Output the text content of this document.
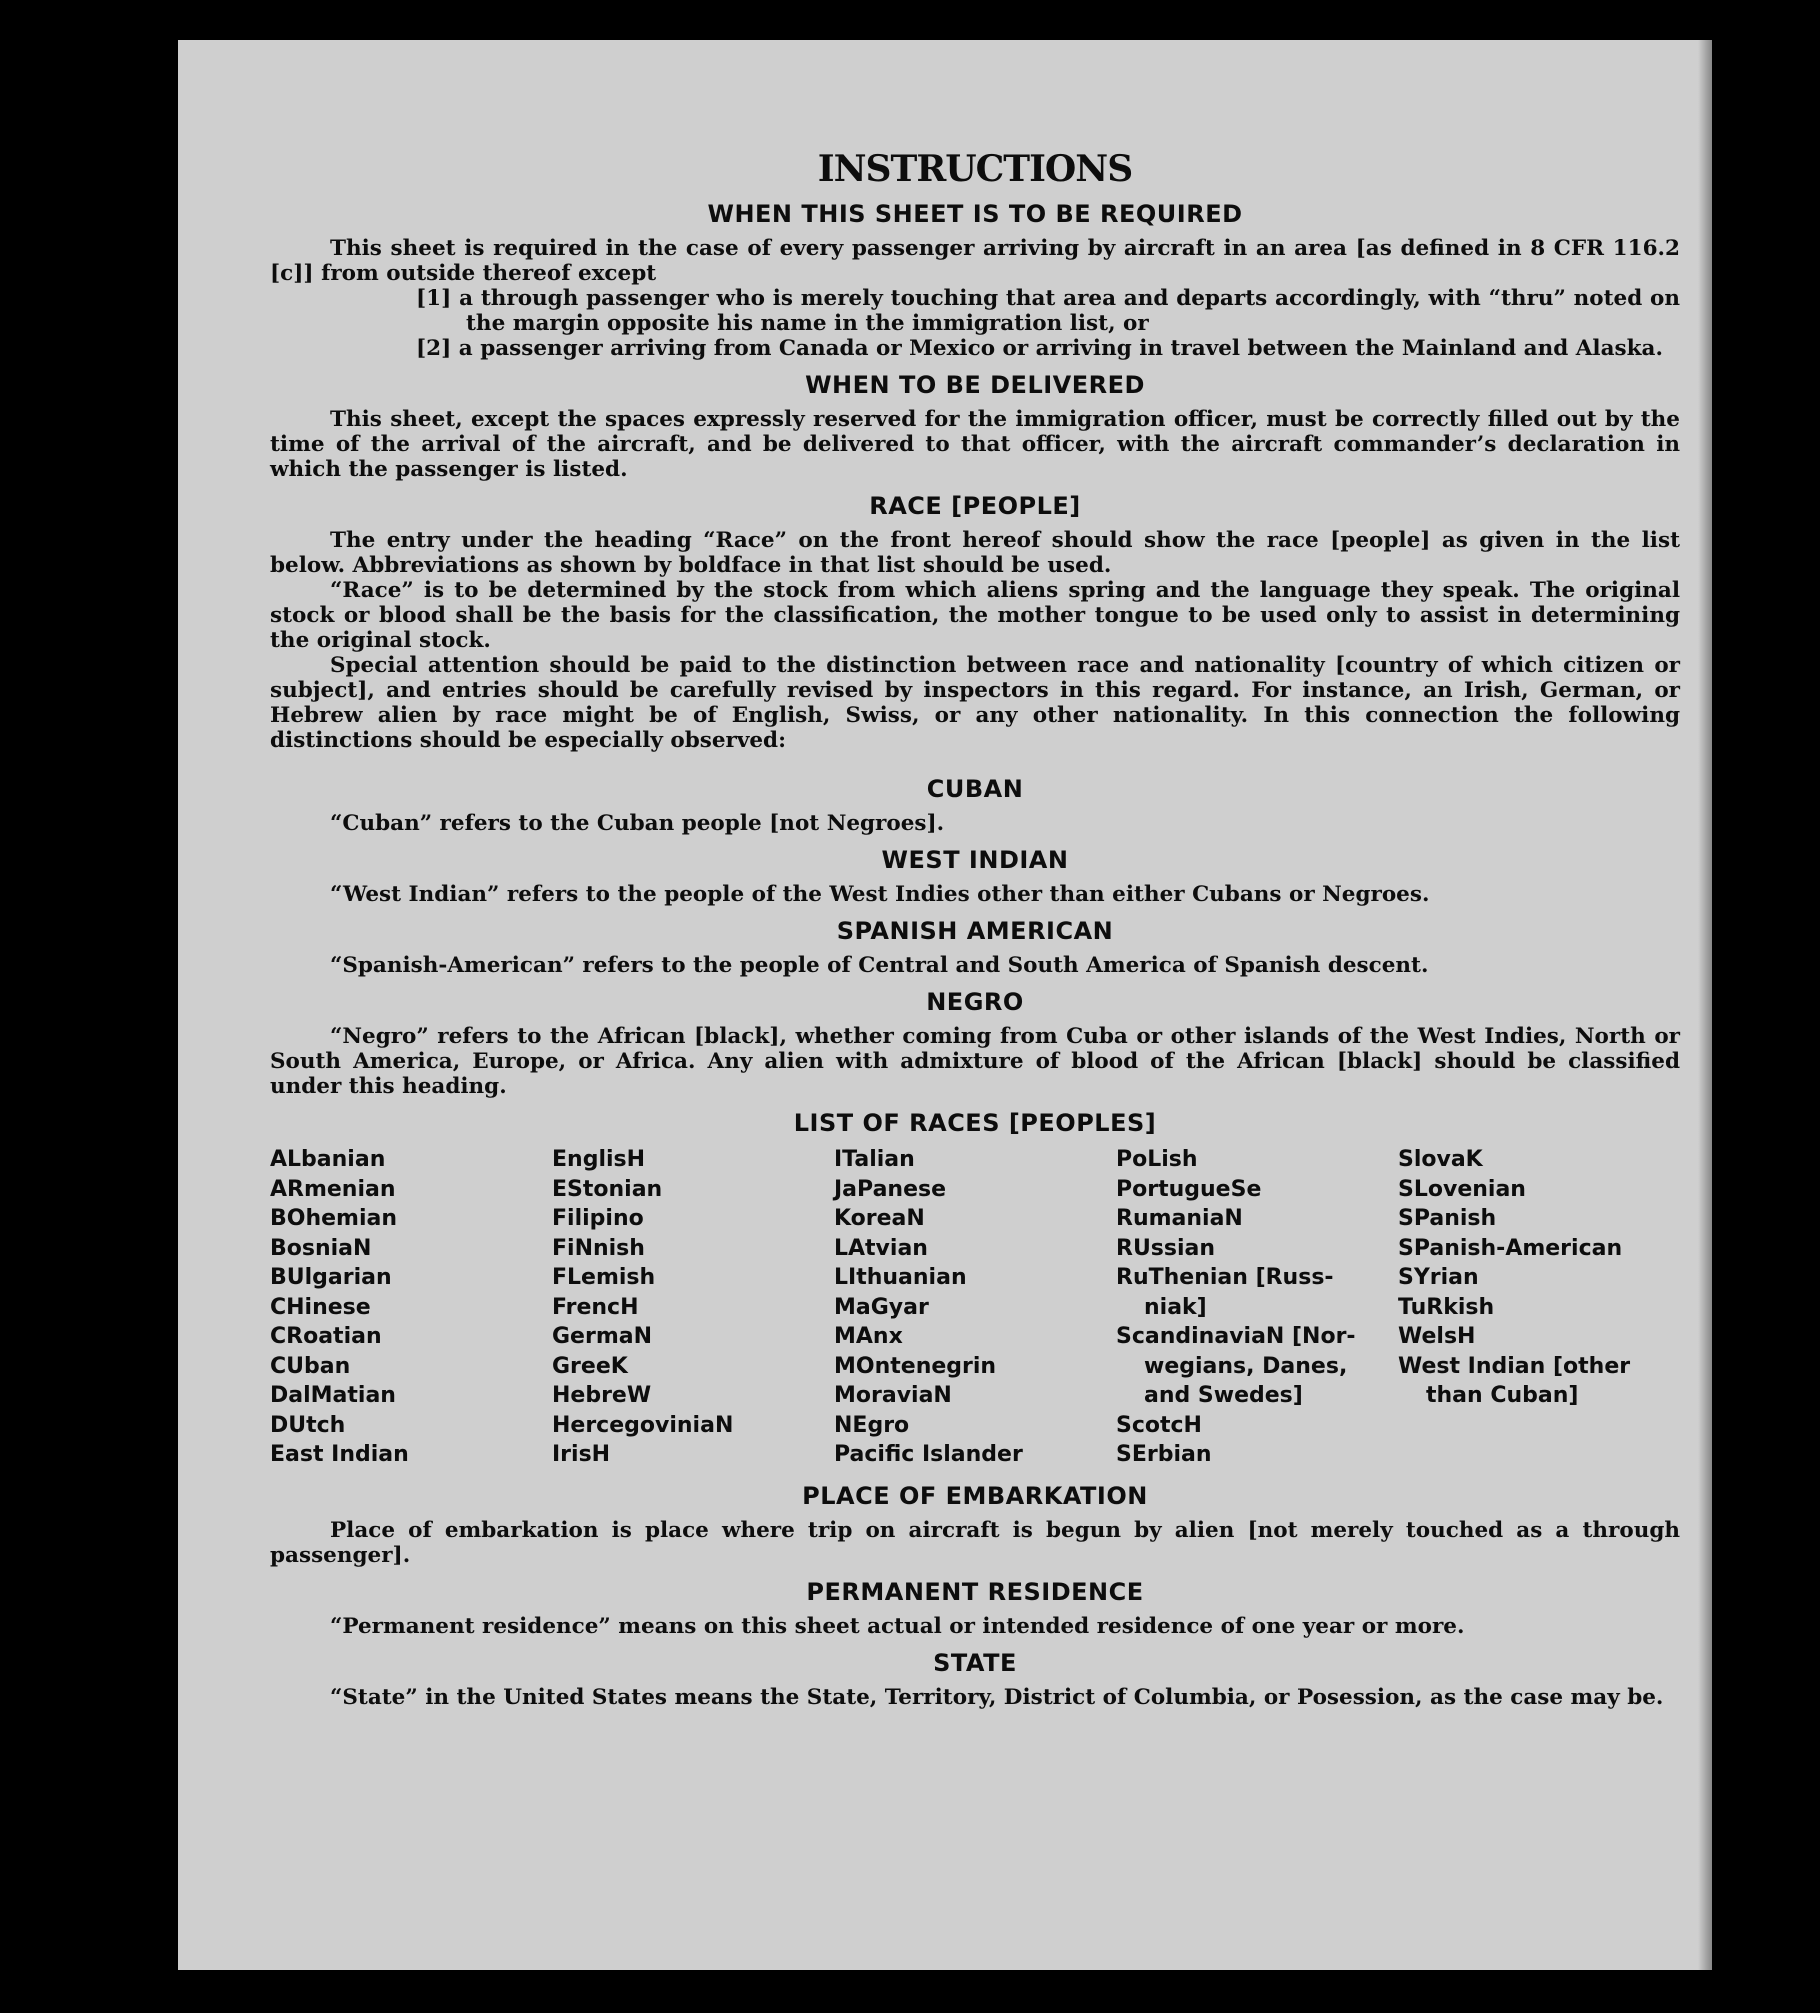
INSTRUCTIONS
WHEN THIS SHEET IS TO BE REQUIRED

This sheet is required in the case of every passenger arriving by aircraft in an area [as defined in 8 CFR 116.2 [c]] from outside thereof except

[1] a through passenger who is merely touching that area and departs accordingly, with “thru” noted on the margin opposite his name in the immigration list, or
[2] a passenger arriving from Canada or Mexico or arriving in travel between the Mainland and Alaska.
WHEN TO BE DELIVERED

This sheet, except the spaces expressly reserved for the immigration officer, must be correctly filled out by the time of the arrival of the aircraft, and be delivered to that officer, with the aircraft commander’s declaration in which the passenger is listed.

RACE [PEOPLE]

The entry under the heading “Race” on the front hereof should show the race [people] as given in the list below. Abbreviations as shown by boldface in that list should be used.

“Race” is to be determined by the stock from which aliens spring and the language they speak. The original stock or blood shall be the basis for the classification, the mother tongue to be used only to assist in determining the original stock.

Special attention should be paid to the distinction between race and nationality [country of which citizen or subject], and entries should be carefully revised by inspectors in this regard. For instance, an Irish, German, or Hebrew alien by race might be of English, Swiss, or any other nationality. In this connection the following distinctions should be especially observed:

CUBAN

“Cuban” refers to the Cuban people [not Negroes].

WEST INDIAN

“West Indian” refers to the people of the West Indies other than either Cubans or Negroes.

SPANISH AMERICAN

“Spanish-American” refers to the people of Central and South America of Spanish descent.

NEGRO

“Negro” refers to the African [black], whether coming from Cuba or other islands of the West Indies, North or South America, Europe, or Africa. Any alien with admixture of blood of the African [black] should be classified under this heading.

LIST OF RACES [PEOPLES]
ALbanian
ARmenian
BOhemian
BosniaN
BUlgarian
CHinese
CRoatian
CUban
DalMatian
DUtch
East Indian
EnglisH
EStonian
Filipino
FiNnish
FLemish
FrencH
GermaN
GreeK
HebreW
HercegoviniaN
IrisH
ITalian
JaPanese
KoreaN
LAtvian
LIthuanian
MaGyar
MAnx
MOntenegrin
MoraviaN
NEgro
Pacific Islander
PoLish
PortugueSe
RumaniaN
RUssian
RuThenian [Russ-
niak]
ScandinaviaN [Nor-
wegians, Danes,
and Swedes]
ScotcH
SErbian
SlovaK
SLovenian
SPanish
SPanish-American
SYrian
TuRkish
WelsH
West Indian [other
than Cuban]
PLACE OF EMBARKATION

Place of embarkation is place where trip on aircraft is begun by alien [not merely touched as a through passenger].

PERMANENT RESIDENCE

“Permanent residence” means on this sheet actual or intended residence of one year or more.

STATE

“State” in the United States means the State, Territory, District of Columbia, or Posession, as the case may be.
